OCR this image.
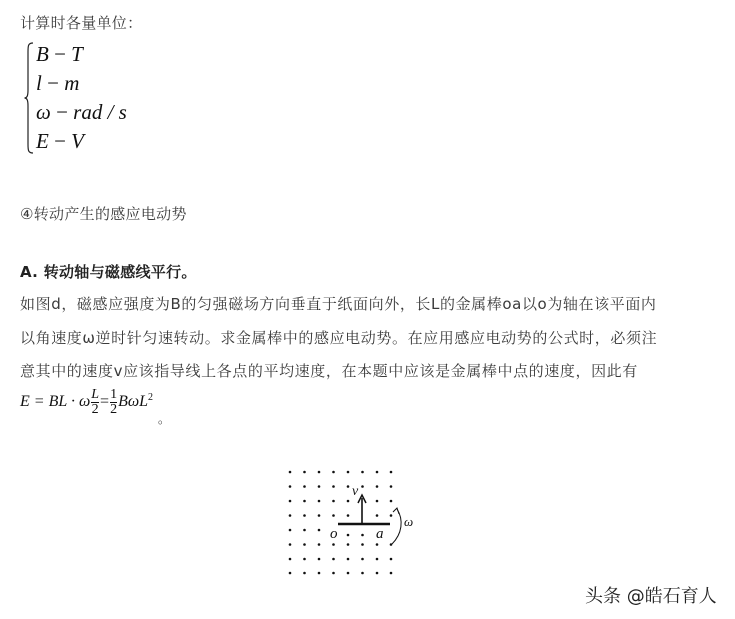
计算时各量单位：
B − T
l − m
ω − rad / s
E − V
④转动产生的感应电动势
A. 转动轴与磁感线平行。
如图d，磁感应强度为B的匀强磁场方向垂直于纸面向外，长L的金属棒oa以o为轴在该平面内
以角速度ω逆时针匀速转动。求金属棒中的感应电动势。在应用感应电动势的公式时，必须注
意其中的速度v应该指导线上各点的平均速度，在本题中应该是金属棒中点的速度，因此有
E = BL · ω $\frac{L}{2} = \frac{1}{2} B\omega L^2$
。
v
o	a
ω
头条 @皓石育人
